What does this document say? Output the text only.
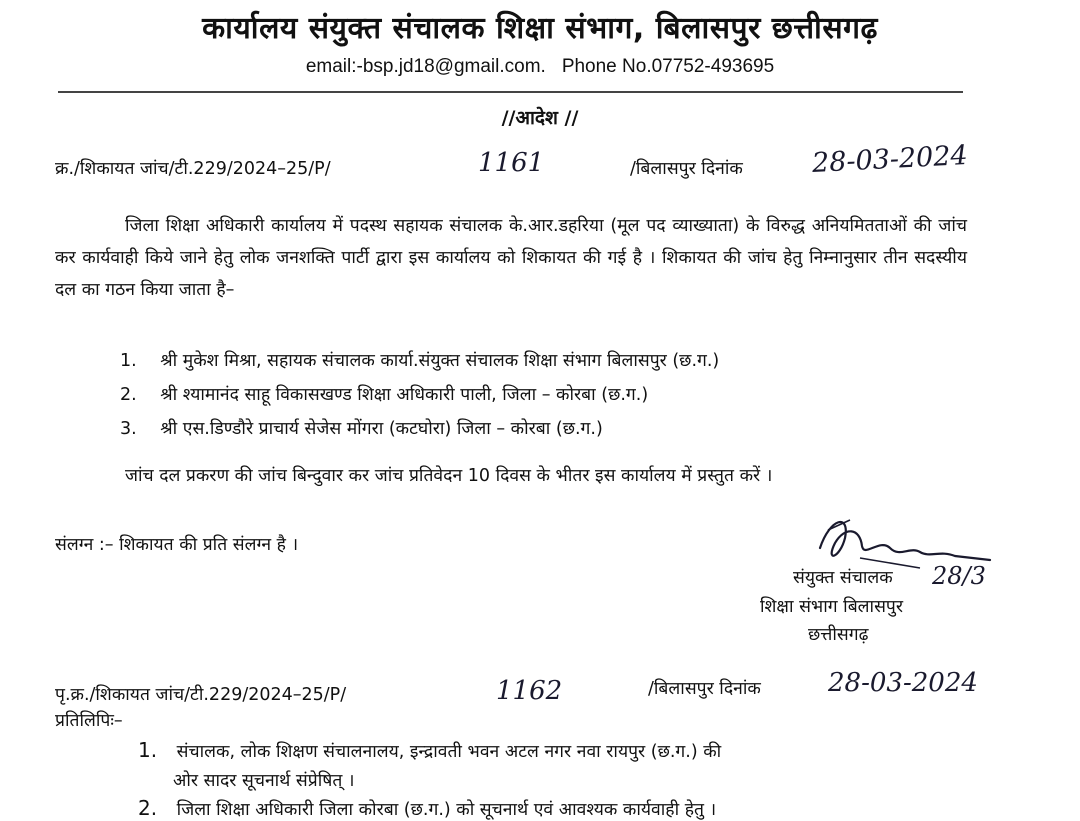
कार्यालय संयुक्त संचालक शिक्षा संभाग, बिलासपुर छत्तीसगढ़
email:-bsp.jd18@gmail.com. Phone No.07752-493695
//आदेश //
क्र./शिकायत जांच/टी.229/2024–25/P/	1161	/बिलासपुर दिनांक	28-03-2024
जिला शिक्षा अधिकारी कार्यालय में पदस्थ सहायक संचालक के.आर.डहरिया (मूल पद व्याख्याता) के विरुद्ध अनियमितताओं की जांच कर कार्यवाही किये जाने हेतु लोक जनशक्ति पार्टी द्वारा इस कार्यालय को शिकायत की गई है । शिकायत की जांच हेतु निम्नानुसार तीन सदस्यीय दल का गठन किया जाता है–
1. श्री मुकेश मिश्रा, सहायक संचालक कार्या.संयुक्त संचालक शिक्षा संभाग बिलासपुर (छ.ग.)
2. श्री श्यामानंद साहू विकासखण्ड शिक्षा अधिकारी पाली, जिला – कोरबा (छ.ग.)
3. श्री एस.डिण्डौरे प्राचार्य सेजेस मोंगरा (कटघोरा) जिला – कोरबा (छ.ग.)
जांच दल प्रकरण की जांच बिन्दुवार कर जांच प्रतिवेदन 10 दिवस के भीतर इस कार्यालय में प्रस्तुत करें ।
संलग्न :– शिकायत की प्रति संलग्न है ।
संयुक्त संचालक 28/3
शिक्षा संभाग बिलासपुर
छत्तीसगढ़
पृ.क्र./शिकायत जांच/टी.229/2024–25/P/	1162	/बिलासपुर दिनांक	28-03-2024
प्रतिलिपिः–
1. संचालक, लोक शिक्षण संचालनालय, इन्द्रावती भवन अटल नगर नवा रायपुर (छ.ग.) की
ओर सादर सूचनार्थ संप्रेषित् ।
2. जिला शिक्षा अधिकारी जिला कोरबा (छ.ग.) को सूचनार्थ एवं आवश्यक कार्यवाही हेतु ।
